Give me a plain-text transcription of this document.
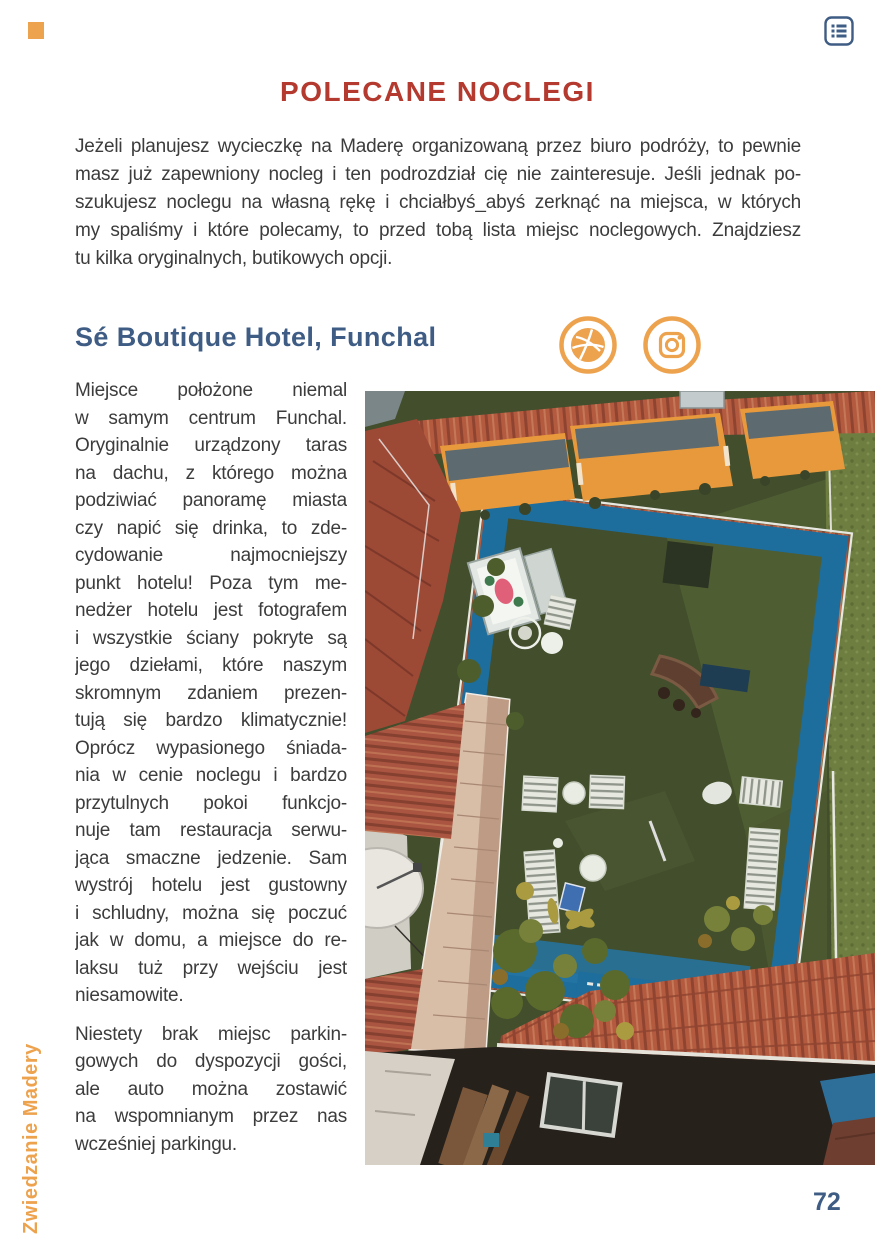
POLECANE NOCLEGI
Jeżeli planujesz wycieczkę na Maderę organizowaną przez biuro podróży, to pewnie
masz już zapewniony nocleg i ten podrozdział cię nie zainteresuje. Jeśli jednak po-
szukujesz noclegu na własną rękę i chciałbyś_abyś zerknąć na miejsca, w których
my spaliśmy i które polecamy, to przed tobą lista miejsc noclegowych. Znajdziesz
tu kilka oryginalnych, butikowych opcji.
Sé Boutique Hotel, Funchal
Miejsce położone niemal
w samym centrum Funchal.
Oryginalnie urządzony taras
na dachu, z którego można
podziwiać panoramę miasta
czy napić się drinka, to zde-
cydowanie najmocniejszy
punkt hotelu! Poza tym me-
nedżer hotelu jest fotografem
i wszystkie ściany pokryte są
jego dziełami, które naszym
skromnym zdaniem prezen-
tują się bardzo klimatycznie!
Oprócz wypasionego śniada-
nia w cenie noclegu i bardzo
przytulnych pokoi funkcjo-
nuje tam restauracja serwu-
jąca smaczne jedzenie. Sam
wystrój hotelu jest gustowny
i schludny, można się poczuć
jak w domu, a miejsce do re-
laksu tuż przy wejściu jest
niesamowite.
Niestety brak miejsc parkin-
gowych do dyspozycji gości,
ale auto można zostawić
na wspomnianym przez nas
wcześniej parkingu.
Zwiedzanie Madery	72
